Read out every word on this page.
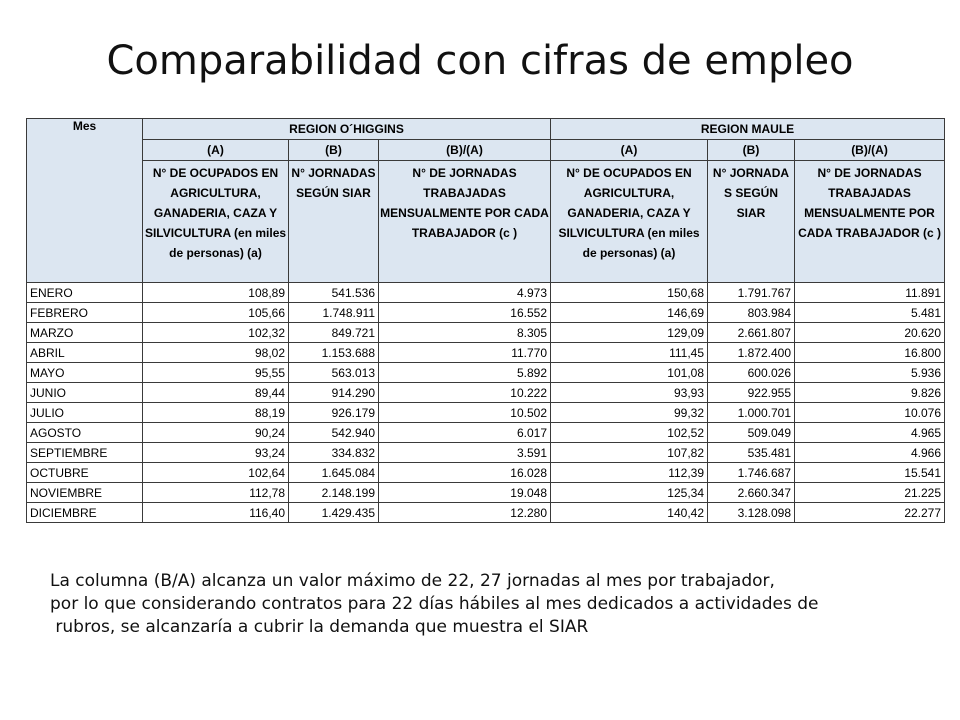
Comparabilidad con cifras de empleo
Mes	REGION O´HIGGINS			REGION MAULE		
	(A)	(B)	(B)/(A)	(A)	(B)	(B)/(A)
	N° DE OCUPADOS EN AGRICULTURA, GANADERIA, CAZA Y SILVICULTURA (en miles de personas) (a)	N° JORNADAS SEGÚN SIAR	N° DE JORNADAS TRABAJADAS MENSUALMENTE POR CADA TRABAJADOR (c )	N° DE OCUPADOS EN AGRICULTURA, GANADERIA, CAZA Y SILVICULTURA (en miles de personas) (a)	N° JORNADA S SEGÚN SIAR	N° DE JORNADAS TRABAJADAS MENSUALMENTE POR CADA TRABAJADOR (c )
ENERO	108,89	541.536	4.973	150,68	1.791.767	11.891
FEBRERO	105,66	1.748.911	16.552	146,69	803.984	5.481
MARZO	102,32	849.721	8.305	129,09	2.661.807	20.620
ABRIL	98,02	1.153.688	11.770	111,45	1.872.400	16.800
MAYO	95,55	563.013	5.892	101,08	600.026	5.936
JUNIO	89,44	914.290	10.222	93,93	922.955	9.826
JULIO	88,19	926.179	10.502	99,32	1.000.701	10.076
AGOSTO	90,24	542.940	6.017	102,52	509.049	4.965
SEPTIEMBRE	93,24	334.832	3.591	107,82	535.481	4.966
OCTUBRE	102,64	1.645.084	16.028	112,39	1.746.687	15.541
NOVIEMBRE	112,78	2.148.199	19.048	125,34	2.660.347	21.225
DICIEMBRE	116,40	1.429.435	12.280	140,42	3.128.098	22.277
La columna (B/A) alcanza un valor máximo de 22, 27 jornadas al mes por trabajador,
por lo que considerando contratos para 22 días hábiles al mes dedicados a actividades de
rubros, se alcanzaría a cubrir la demanda que muestra el SIAR
